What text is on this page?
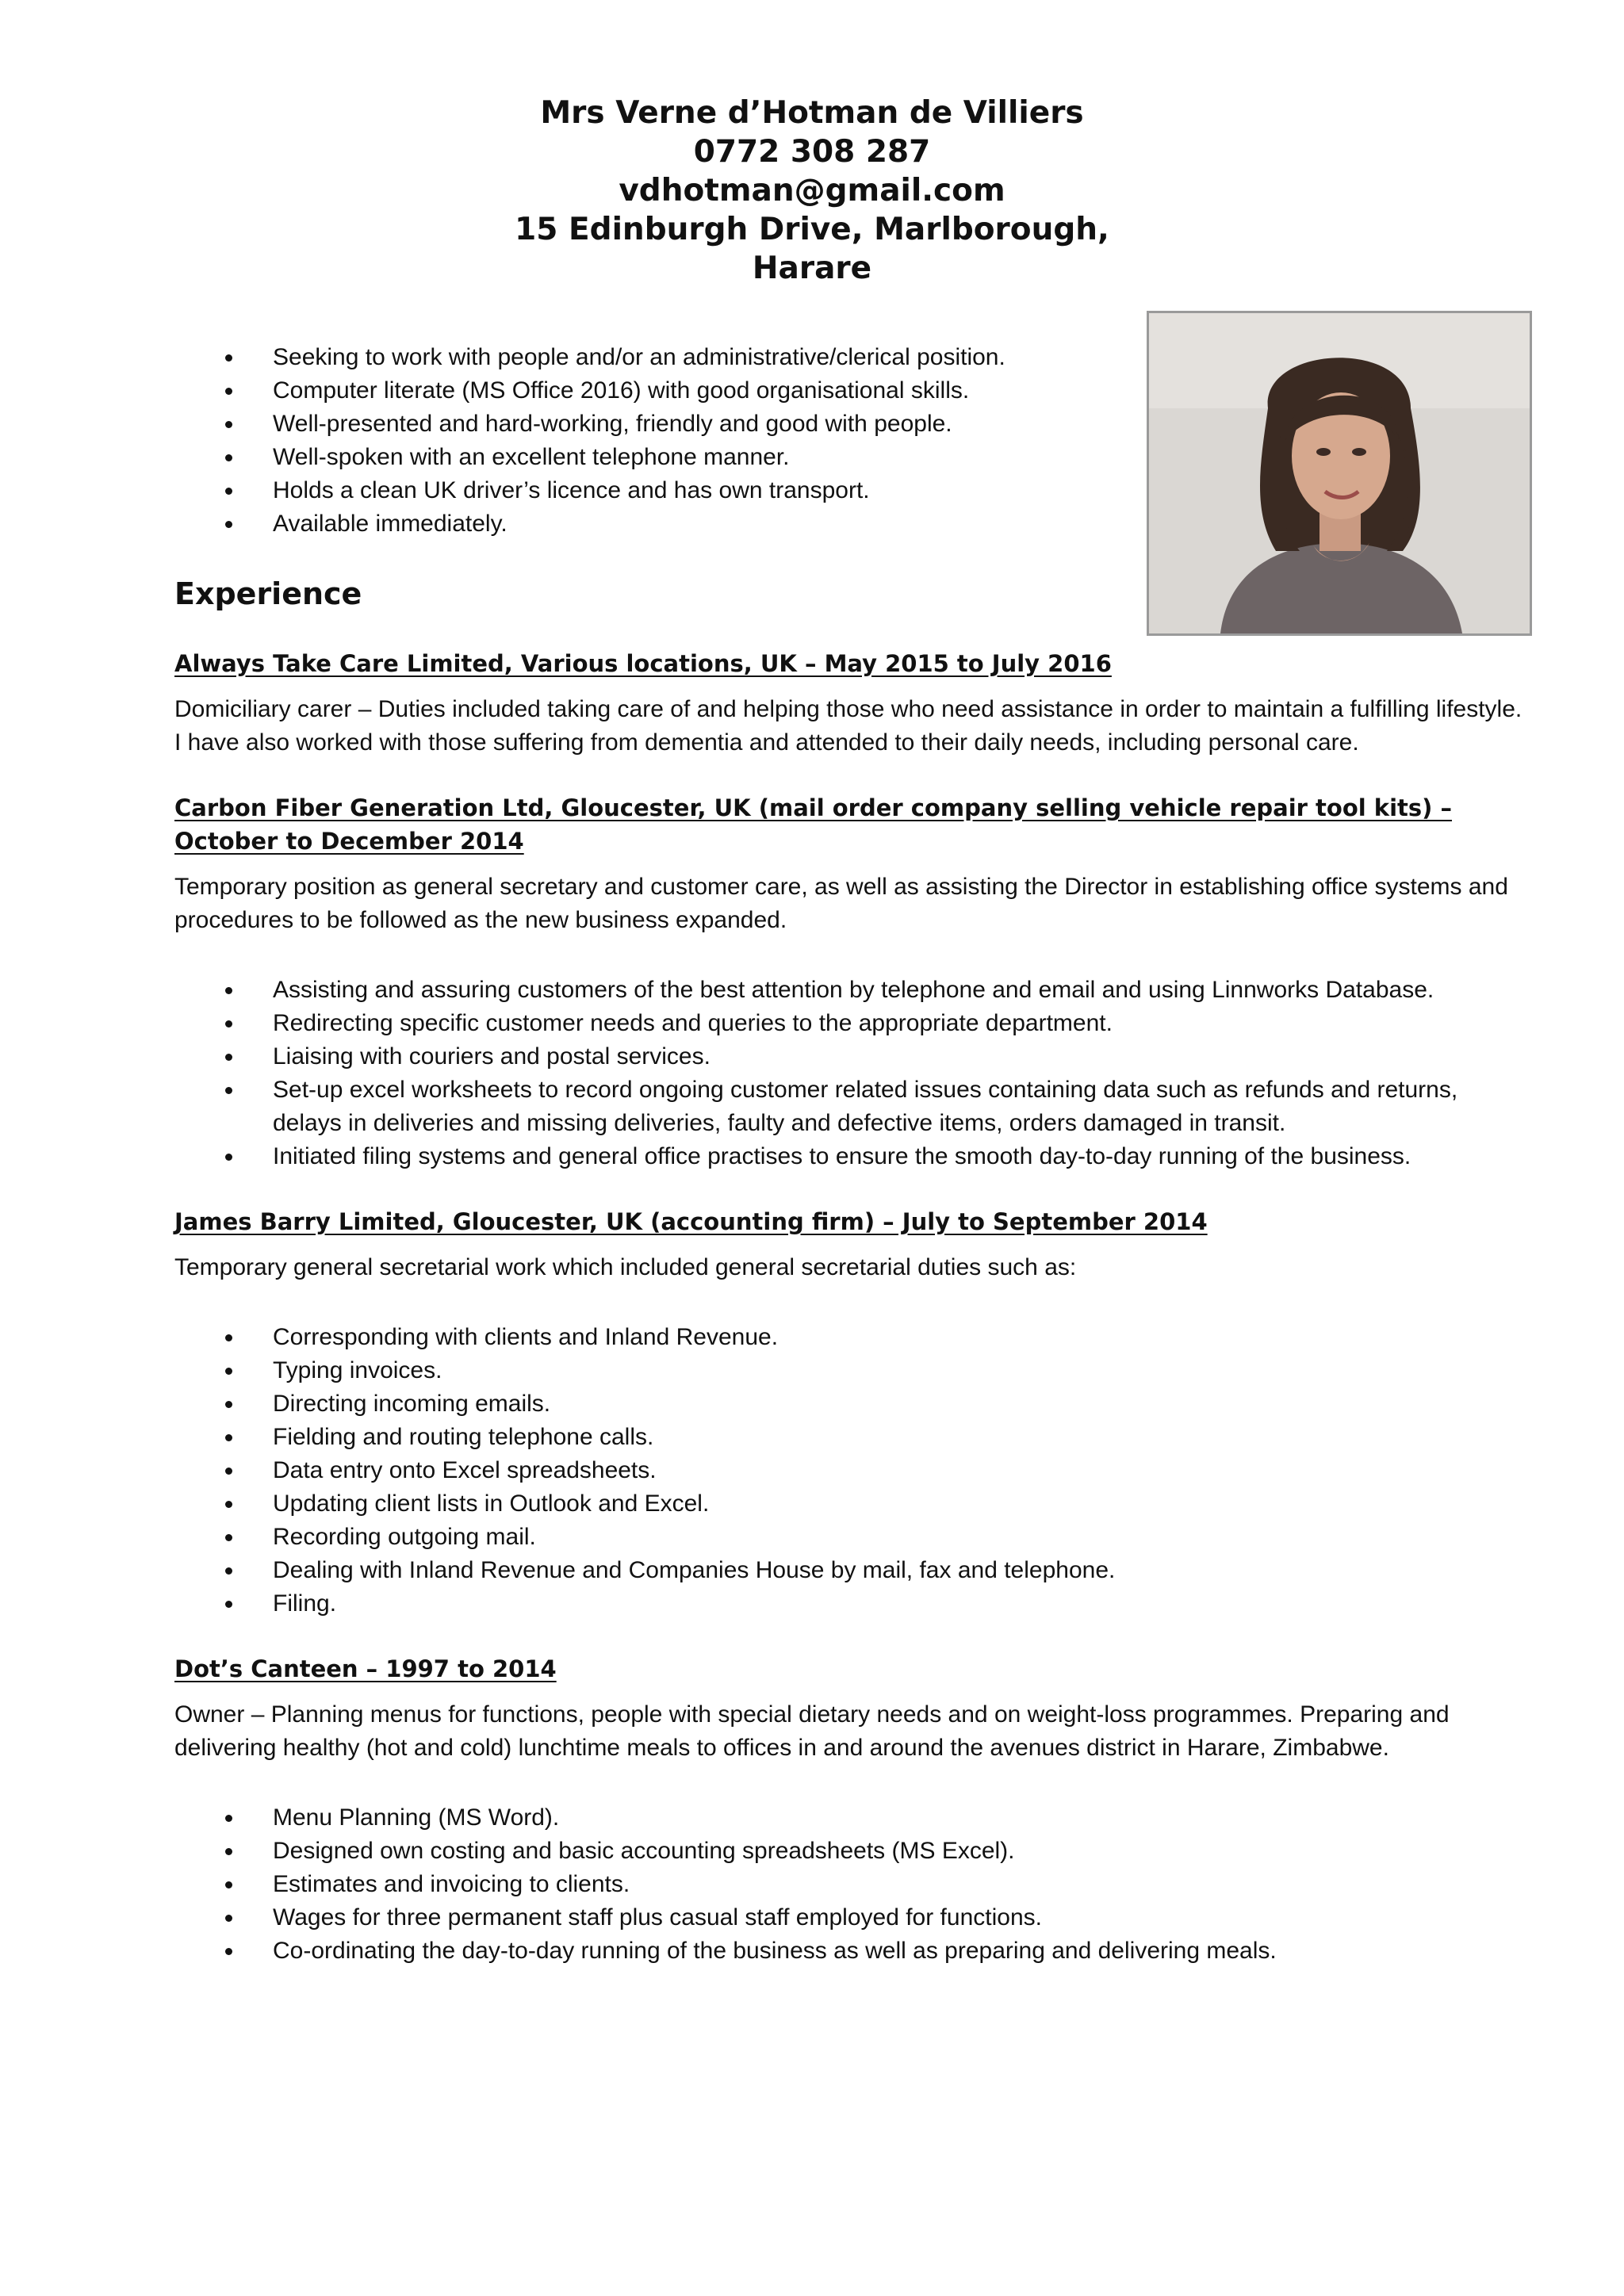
Mrs Verne d’Hotman de Villiers
0772 308 287
vdhotman@gmail.com
15 Edinburgh Drive, Marlborough,
Harare
Seeking to work with people and/or an administrative/clerical position.
Computer literate (MS Office 2016) with good organisational skills.
Well-presented and hard-working, friendly and good with people.
Well-spoken with an excellent telephone manner.
Holds a clean UK driver’s licence and has own transport.
Available immediately.
Experience
Always Take Care Limited, Various locations, UK – May 2015 to July 2016

Domiciliary carer – Duties included taking care of and helping those who need assistance in order to maintain a fulfilling lifestyle. I have also worked with those suffering from dementia and attended to their daily needs, including personal care.

Carbon Fiber Generation Ltd, Gloucester, UK (mail order company selling vehicle repair tool kits) – October to December 2014

Temporary position as general secretary and customer care, as well as assisting the Director in establishing office systems and procedures to be followed as the new business expanded.

Assisting and assuring customers of the best attention by telephone and email and using Linnworks Database.
Redirecting specific customer needs and queries to the appropriate department.
Liaising with couriers and postal services.
Set-up excel worksheets to record ongoing customer related issues containing data such as refunds and returns, delays in deliveries and missing deliveries, faulty and defective items, orders damaged in transit.
Initiated filing systems and general office practises to ensure the smooth day-to-day running of the business.
James Barry Limited, Gloucester, UK (accounting firm) – July to September 2014

Temporary general secretarial work which included general secretarial duties such as:

Corresponding with clients and Inland Revenue.
Typing invoices.
Directing incoming emails.
Fielding and routing telephone calls.
Data entry onto Excel spreadsheets.
Updating client lists in Outlook and Excel.
Recording outgoing mail.
Dealing with Inland Revenue and Companies House by mail, fax and telephone.
Filing.
Dot’s Canteen – 1997 to 2014

Owner – Planning menus for functions, people with special dietary needs and on weight-loss programmes. Preparing and delivering healthy (hot and cold) lunchtime meals to offices in and around the avenues district in Harare, Zimbabwe.

Menu Planning (MS Word).
Designed own costing and basic accounting spreadsheets (MS Excel).
Estimates and invoicing to clients.
Wages for three permanent staff plus casual staff employed for functions.
Co-ordinating the day-to-day running of the business as well as preparing and delivering meals.
